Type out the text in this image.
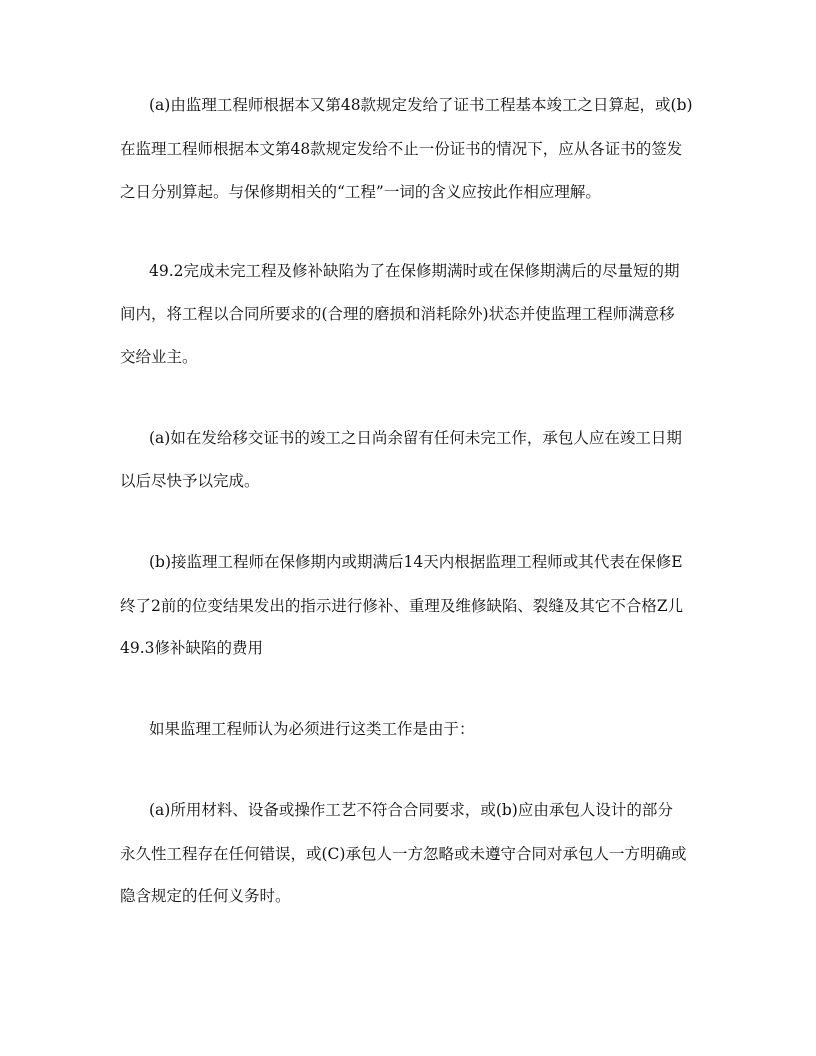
(a)由监理工程师根据本又第48款规定发给了证书工程基本竣工之日算起，或(b)
在监理工程师根据本文第48款规定发给不止一份证书的情况下，应从各证书的签发
之日分别算起。与保修期相关的“工程”一词的含义应按此作相应理解。
49.2完成未完工程及修补缺陷为了在保修期满时或在保修期满后的尽量短的期
间内，将工程以合同所要求的(合理的磨损和消耗除外)状态并使监理工程师满意移
交给业主。
(a)如在发给移交证书的竣工之日尚余留有任何未完工作，承包人应在竣工日期
以后尽快予以完成。
(b)接监理工程师在保修期内或期满后14天内根据监理工程师或其代表在保修E
终了2前的位变结果发出的指示进行修补、重理及维修缺陷、裂缝及其它不合格Z儿
49.3修补缺陷的费用
如果监理工程师认为必须进行这类工作是由于：
(a)所用材料、设备或操作工艺不符合合同要求，或(b)应由承包人设计的部分
永久性工程存在任何错误，或(C)承包人一方忽略或未遵守合同对承包人一方明确或
隐含规定的任何义务时。
